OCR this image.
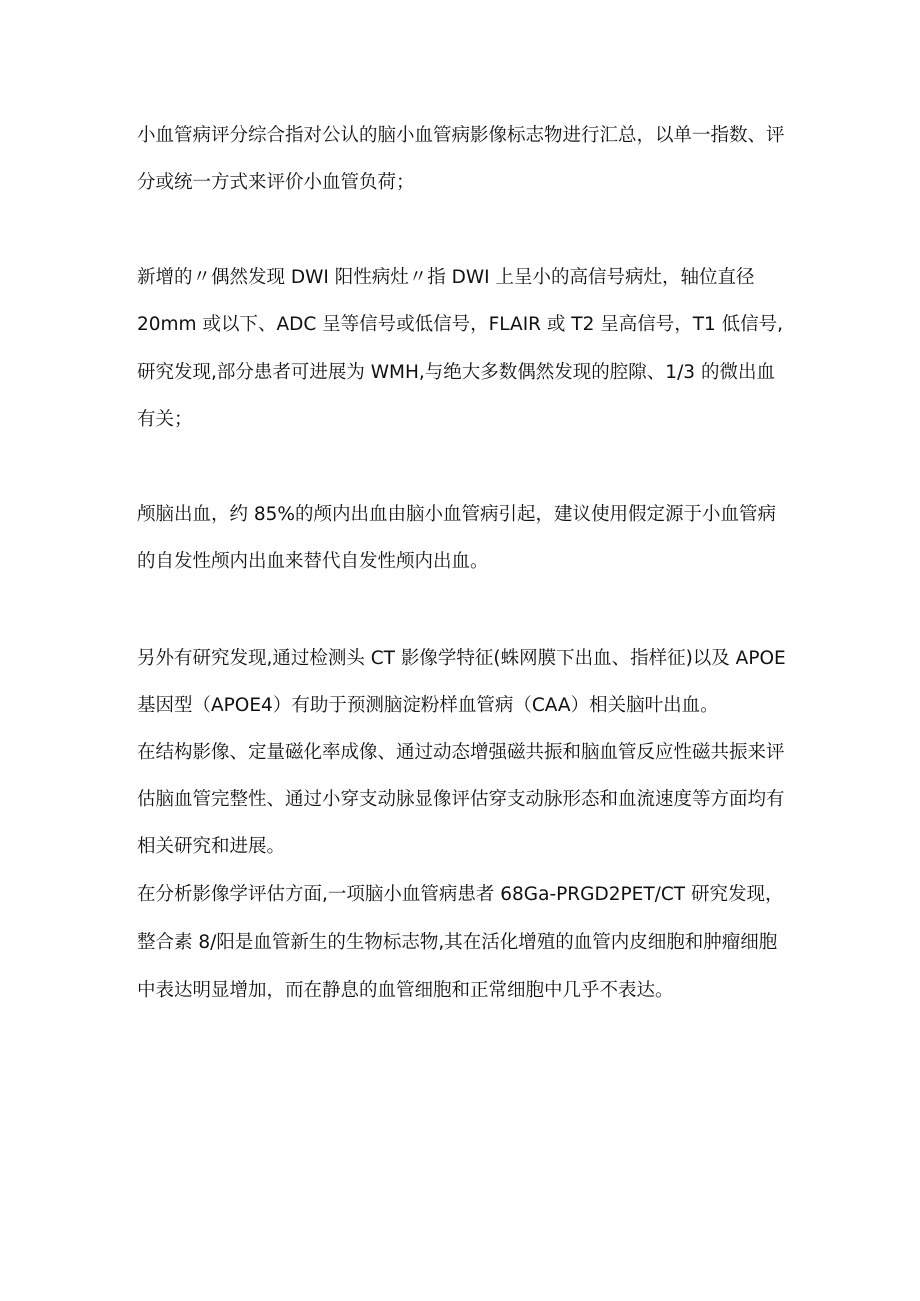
小血管病评分综合指对公认的脑小血管病影像标志物进行汇总，以单一指数、评
分或统一方式来评价小血管负荷；
新增的〃偶然发现 DWI 阳性病灶〃指 DWI 上呈小的高信号病灶，轴位直径
20mm 或以下、ADC 呈等信号或低信号，FLAIR 或 T2 呈高信号，T1 低信号,
研究发现,部分患者可进展为 WMH,与绝大多数偶然发现的腔隙、1/3 的微出血
有关；
颅脑出血，约 85%的颅内出血由脑小血管病引起，建议使用假定源于小血管病
的自发性颅内出血来替代自发性颅内出血。
另外有研究发现,通过检测头 CT 影像学特征(蛛网膜下出血、指样征)以及 APOE
基因型（APOE4）有助于预测脑淀粉样血管病（CAA）相关脑叶出血。
在结构影像、定量磁化率成像、通过动态增强磁共振和脑血管反应性磁共振来评
估脑血管完整性、通过小穿支动脉显像评估穿支动脉形态和血流速度等方面均有
相关研究和进展。
在分析影像学评估方面,一项脑小血管病患者 68Ga-PRGD2PET/CT 研究发现，
整合素 8/阳是血管新生的生物标志物,其在活化增殖的血管内皮细胞和肿瘤细胞
中表达明显增加，而在静息的血管细胞和正常细胞中几乎不表达。
